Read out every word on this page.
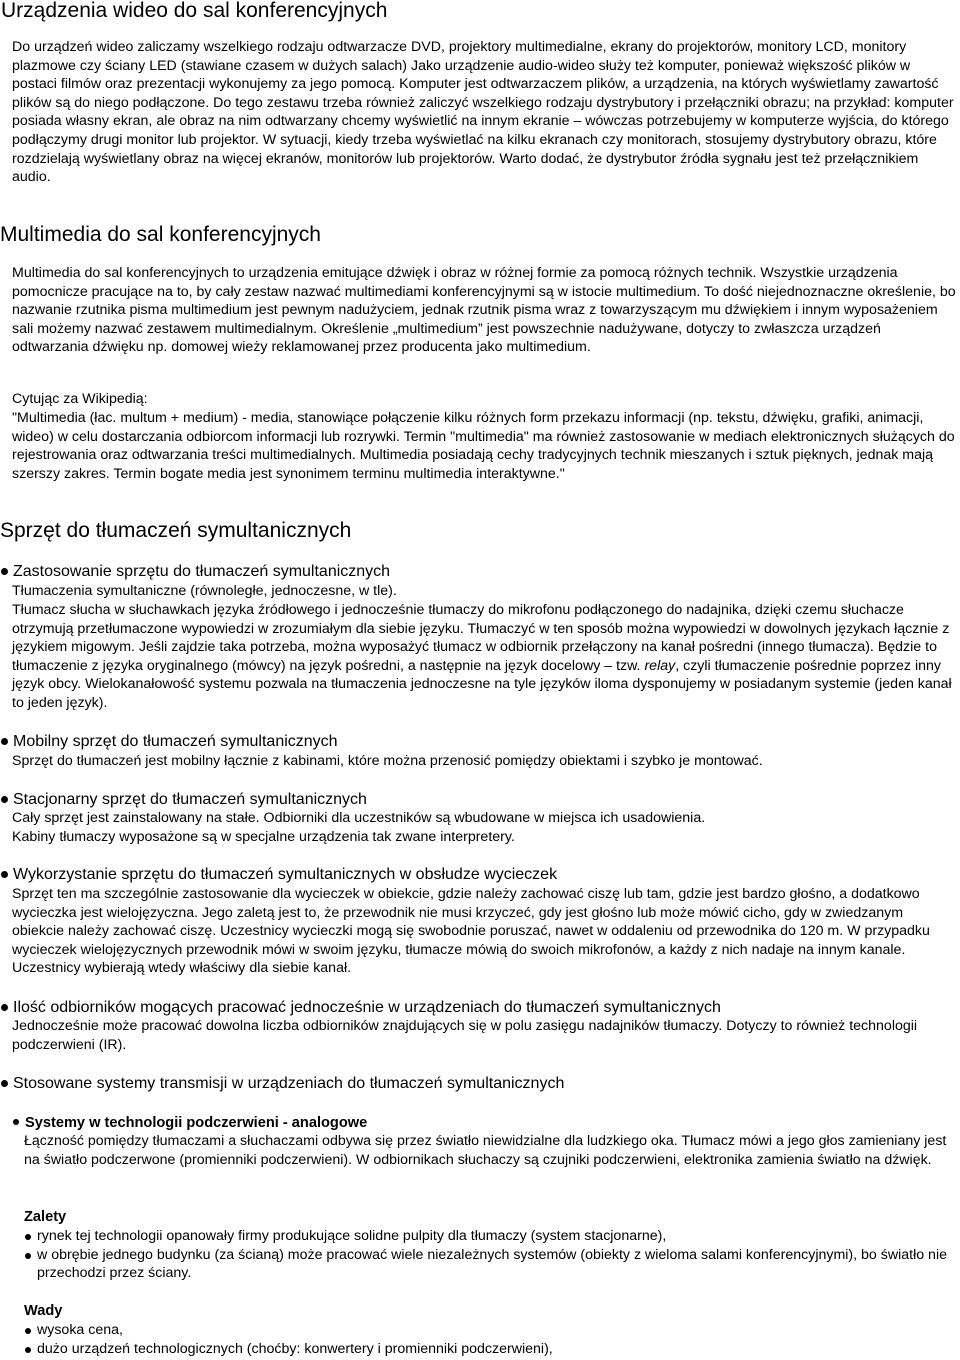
Urządzenia wideo do sal konferencyjnych

Do urządzeń wideo zaliczamy wszelkiego rodzaju odtwarzacze DVD, projektory multimedialne, ekrany do projektorów, monitory LCD, monitory plazmowe czy ściany LED (stawiane czasem w dużych salach) Jako urządzenie audio-wideo służy też komputer, ponieważ większość plików w postaci filmów oraz prezentacji wykonujemy za jego pomocą. Komputer jest odtwarzaczem plików, a urządzenia, na których wyświetlamy zawartość plików są do niego podłączone. Do tego zestawu trzeba również zaliczyć wszelkiego rodzaju dystrybutory i przełączniki obrazu; na przykład: komputer posiada własny ekran, ale obraz na nim odtwarzany chcemy wyświetlić na innym ekranie – wówczas potrzebujemy w komputerze wyjścia, do którego podłączymy drugi monitor lub projektor. W sytuacji, kiedy trzeba wyświetlać na kilku ekranach czy monitorach, stosujemy dystrybutory obrazu, które rozdzielają wyświetlany obraz na więcej ekranów, monitorów lub projektorów. Warto dodać, że dystrybutor źródła sygnału jest też przełącznikiem audio.

Multimedia do sal konferencyjnych

Multimedia do sal konferencyjnych to urządzenia emitujące dźwięk i obraz w różnej formie za pomocą różnych technik. Wszystkie urządzenia pomocnicze pracujące na to, by cały zestaw nazwać multimediami konferencyjnymi są w istocie multimedium. To dość niejednoznaczne określenie, bo nazwanie rzutnika pisma multimedium jest pewnym nadużyciem, jednak rzutnik pisma wraz z towarzyszącym mu dźwiękiem i innym wyposażeniem sali możemy nazwać zestawem multimedialnym. Określenie „multimedium” jest powszechnie nadużywane, dotyczy to zwłaszcza urządzeń odtwarzania dźwięku np. domowej wieży reklamowanej przez producenta jako multimedium.

Cytując za Wikipedią:

"Multimedia (łac. multum + medium) - media, stanowiące połączenie kilku różnych form przekazu informacji (np. tekstu, dźwięku, grafiki, animacji, wideo) w celu dostarczania odbiorcom informacji lub rozrywki. Termin "multimedia" ma również zastosowanie w mediach elektronicznych służących do rejestrowania oraz odtwarzania treści multimedialnych. Multimedia posiadają cechy tradycyjnych technik mieszanych i sztuk pięknych, jednak mają szerszy zakres. Termin bogate media jest synonimem terminu multimedia interaktywne."

Sprzęt do tłumaczeń symultanicznych
Zastosowanie sprzętu do tłumaczeń symultanicznych

Tłumaczenia symultaniczne (równoległe, jednoczesne, w tle).

Tłumacz słucha w słuchawkach języka źródłowego i jednocześnie tłumaczy do mikrofonu podłączonego do nadajnika, dzięki czemu słuchacze otrzymują przetłumaczone wypowiedzi w zrozumiałym dla siebie języku. Tłumaczyć w ten sposób można wypowiedzi w dowolnych językach łącznie z językiem migowym. Jeśli zajdzie taka potrzeba, można wyposażyć tłumacz w odbiornik przełączony na kanał pośredni (innego tłumacza). Będzie to tłumaczenie z języka oryginalnego (mówcy) na język pośredni, a następnie na język docelowy – tzw. relay, czyli tłumaczenie pośrednie poprzez inny język obcy. Wielokanałowość systemu pozwala na tłumaczenia jednoczesne na tyle języków ilomа dysponujemy w posiadanym systemie (jeden kanał to jeden język).

Mobilny sprzęt do tłumaczeń symultanicznych

Sprzęt do tłumaczeń jest mobilny łącznie z kabinami, które można przenosić pomiędzy obiektami i szybko je montować.

Stacjonarny sprzęt do tłumaczeń symultanicznych

Cały sprzęt jest zainstalowany na stałe. Odbiorniki dla uczestników są wbudowane w miejsca ich usadowienia.

Kabiny tłumaczy wyposażone są w specjalne urządzenia tak zwane interpretery.

Wykorzystanie sprzętu do tłumaczeń symultanicznych w obsłudze wycieczek

Sprzęt ten ma szczególnie zastosowanie dla wycieczek w obiekcie, gdzie należy zachować ciszę lub tam, gdzie jest bardzo głośno, a dodatkowo wycieczka jest wielojęzyczna. Jego zaletą jest to, że przewodnik nie musi krzyczeć, gdy jest głośno lub może mówić cicho, gdy w zwiedzanym obiekcie należy zachować ciszę. Uczestnicy wycieczki mogą się swobodnie poruszać, nawet w oddaleniu od przewodnika do 120 m. W przypadku wycieczek wielojęzycznych przewodnik mówi w swoim języku, tłumacze mówią do swoich mikrofonów, a każdy z nich nadaje na innym kanale. Uczestnicy wybierają wtedy właściwy dla siebie kanał.

Ilość odbiorników mogących pracować jednocześnie w urządzeniach do tłumaczeń symultanicznych

Jednocześnie może pracować dowolna liczba odbiorników znajdujących się w polu zasięgu nadajników tłumaczy. Dotyczy to również technologii podczerwieni (IR).

Stosowane systemy transmisji w urządzeniach do tłumaczeń symultanicznych
Systemy w technologii podczerwieni - analogowe

Łączność pomiędzy tłumaczami a słuchaczami odbywa się przez światło niewidzialne dla ludzkiego oka. Tłumacz mówi a jego głos zamieniany jest na światło podczerwone (promienniki podczerwieni). W odbiornikach słuchaczy są czujniki podczerwieni, elektronika zamienia światło na dźwięk.

Zalety
rynek tej technologii opanowały firmy produkujące solidne pulpity dla tłumaczy (system stacjonarne),
w obrębie jednego budynku (za ścianą) może pracować wiele niezależnych systemów (obiekty z wieloma salami konferencyjnymi), bo światło nie przechodzi przez ściany.
Wady
wysoka cena,
dużo urządzeń technologicznych (choćby: konwertery i promienniki podczerwieni),
